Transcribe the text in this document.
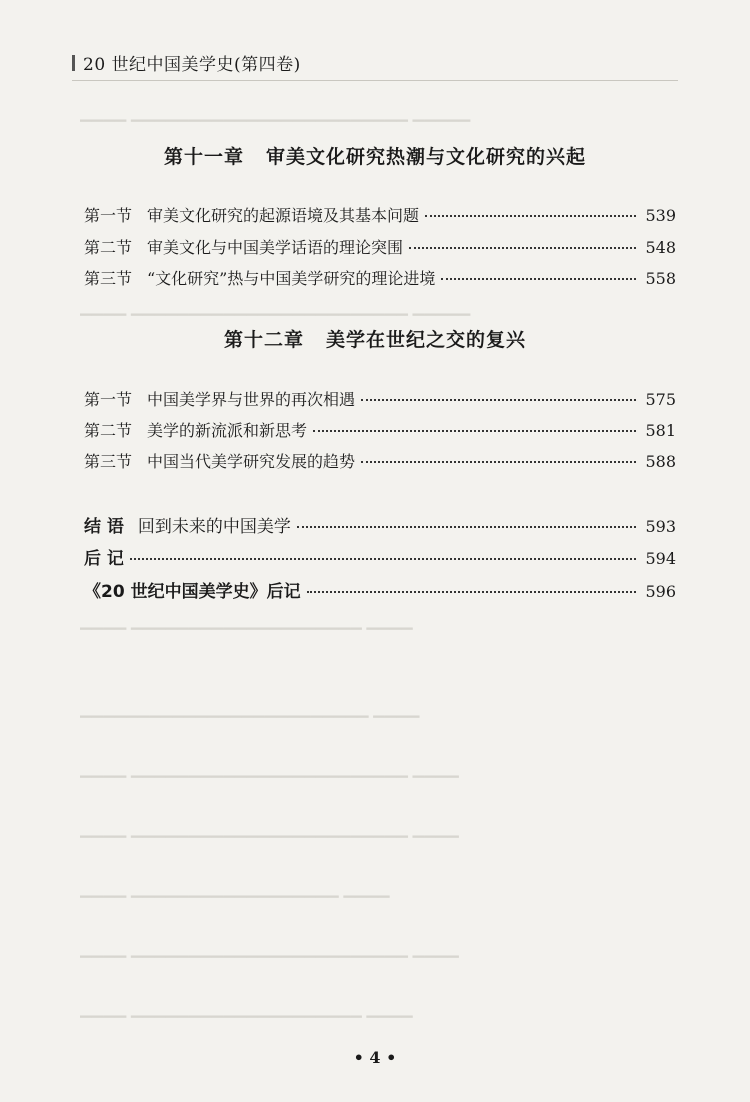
20 世纪中国美学史(第四卷)
▁▁▁▁ ▁▁▁▁▁▁▁▁▁▁▁▁▁▁▁▁▁▁▁▁▁▁▁▁ ▁▁▁▁▁
▁▁▁▁ ▁▁▁▁▁▁▁▁▁▁▁▁▁▁▁▁▁▁▁▁▁▁▁▁ ▁▁▁▁▁
▁▁▁▁ ▁▁▁▁▁▁▁▁▁▁▁▁▁▁▁▁▁▁▁▁ ▁▁▁▁
▁▁▁▁▁▁▁▁▁▁▁▁▁▁▁▁▁▁▁▁▁▁▁▁▁ ▁▁▁▁
▁▁▁▁ ▁▁▁▁▁▁▁▁▁▁▁▁▁▁▁▁▁▁▁▁▁▁▁▁ ▁▁▁▁
▁▁▁▁ ▁▁▁▁▁▁▁▁▁▁▁▁▁▁▁▁▁▁▁▁▁▁▁▁ ▁▁▁▁
▁▁▁▁ ▁▁▁▁▁▁▁▁▁▁▁▁▁▁▁▁▁▁ ▁▁▁▁
▁▁▁▁ ▁▁▁▁▁▁▁▁▁▁▁▁▁▁▁▁▁▁▁▁▁▁▁▁ ▁▁▁▁
▁▁▁▁ ▁▁▁▁▁▁▁▁▁▁▁▁▁▁▁▁▁▁▁▁ ▁▁▁▁
第十一章 审美文化研究热潮与文化研究的兴起
第一节 审美文化研究的起源语境及其基本问题	539
第二节 审美文化与中国美学话语的理论突围	548
第三节 “文化研究”热与中国美学研究的理论进境	558
第十二章 美学在世纪之交的复兴
第一节 中国美学界与世界的再次相遇	575
第二节 美学的新流派和新思考	581
第三节 中国当代美学研究发展的趋势	588
结 语 回到未来的中国美学	593
后 记	594
《20 世纪中国美学史》后记	596
• 4 •
